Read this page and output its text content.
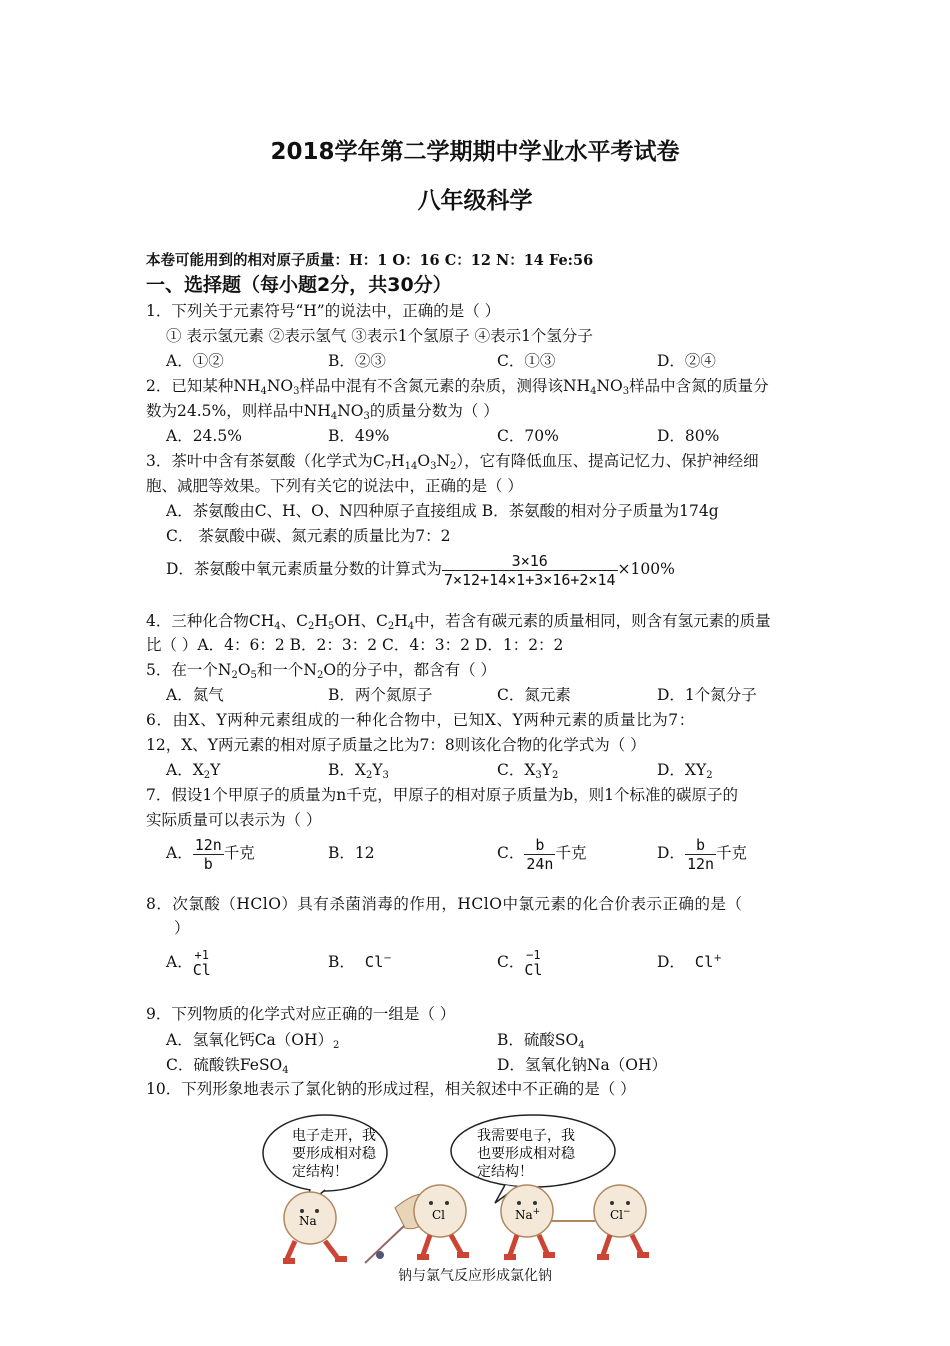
2018学年第二学期期中学业水平考试卷
八年级科学
本卷可能用到的相对原子质量：H：1 O：16 C：12 N：14 Fe:56
一、选择题（每小题2分，共30分）
1．下列关于元素符号“H”的说法中，正确的是（ ）
① 表示氢元素 ②表示氢气 ③表示1个氢原子 ④表示1个氢分子
A．①②	B．②③	C．①③	D．②④
2．已知某种$NH_4NO_3$样品中混有不含氮元素的杂质，测得该$NH_4NO_3$样品中含氮的质量分
数为24.5%，则样品中$NH_4NO_3$的质量分数为（ ）
A．24.5%	B．49%	C．70%	D．80%
3．茶叶中含有茶氨酸（化学式为$C_7H_{14}O_3N_2$），它有降低血压、提高记忆力、保护神经细
胞、减肥等效果。下列有关它的说法中，正确的是（ ）
A．茶氨酸由C、H、O、N四种原子直接组成 B．茶氨酸的相对分子质量为174g
C． 茶氨酸中碳、氮元素的质量比为7：2
D．茶氨酸中氧元素质量分数的计算式为 $\frac{3\times 16}{7\times 12+14\times 1+3\times 16+2\times 14} \times 100\%$
4．三种化合物$CH_4$、$C_2H_5OH$、$C_2H_4$中，若含有碳元素的质量相同，则含有氢元素的质量
比（ ）A．4：6：2 B．2：3：2 C．4：3：2 D．1：2：2
5．在一个$N_2O_5$和一个$N_2O$的分子中，都含有（ ）
A．氮气	B．两个氮原子	C．氮元素	D．1个氮分子
6．由X、Y两种元素组成的一种化合物中，已知X、Y两种元素的质量比为7：
12，X、Y两元素的相对原子质量之比为7：8则该化合物的化学式为（ ）
A．$X_2Y$	B．$X_2Y_3$	C．$X_3Y_2$	D．$XY_2$
7．假设1个甲原子的质量为n千克，甲原子的相对原子质量为b，则1个标准的碳原子的
实际质量可以表示为（ ）
A． $\frac{12n}{b}$ 千克	B．12	C． $\frac{b}{24n}$ 千克	D． $\frac{b}{12n}$ 千克
8．次氯酸（HClO）具有杀菌消毒的作用，HClO中氯元素的化合价表示正确的是（
）
A． +1
Cl	B． Cl−	C． −1
Cl	D． Cl+
9．下列物质的化学式对应正确的一组是（ ）
A．氢氧化钙$Ca(OH)_2$	B．硫酸$SO_4$
C．硫酸铁FeSO$_4$	D．氢氧化钠Na（OH）
10．下列形象地表示了氯化钠的形成过程，相关叙述中不正确的是（ ）
电子走开，我
要形成相对稳
定结构！
我需要电子，我
也要形成相对稳
定结构！
Na	Cl	Na+	Cl−
钠与氯气反应形成氯化钠
